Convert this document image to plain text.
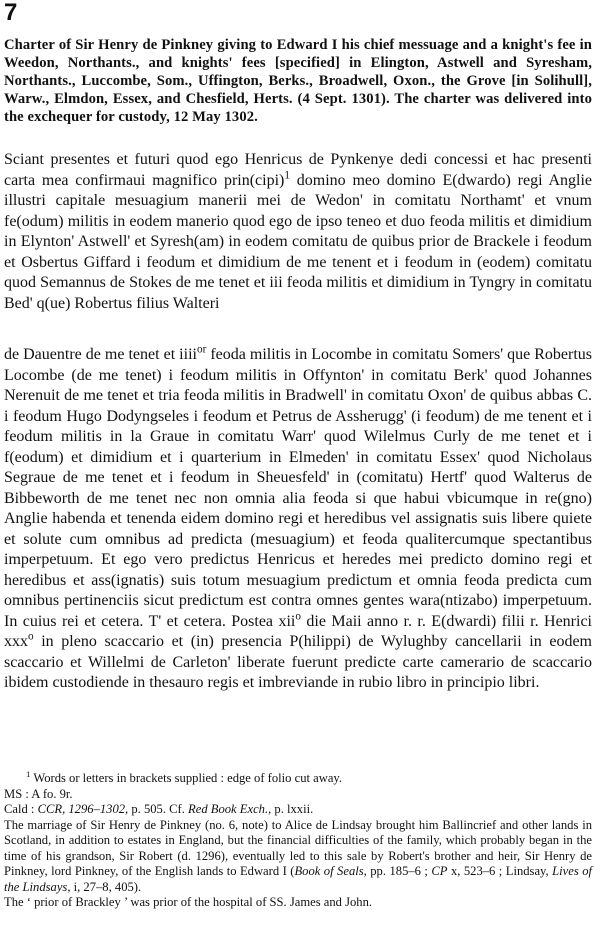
7
Charter of Sir Henry de Pinkney giving to Edward I his chief messuage and a knight's fee in Weedon, Northants., and knights' fees [specified] in Elington, Astwell and Syresham, Northants., Luccombe, Som., Uffington, Berks., Broadwell, Oxon., the Grove [in Solihull], Warw., Elmdon, Essex, and Chesfield, Herts. (4 Sept. 1301). The charter was delivered into the exchequer for custody, 12 May 1302.

Sciant presentes et futuri quod ego Henricus de Pynkenye dedi concessi et hac presenti carta mea confirmaui magnifico prin(cipi)$^1$ domino meo domino E(dwardo) regi Anglie illustri capitale mesuagium manerii mei de Wedon' in comitatu Northamt' et vnum fe(odum) militis in eodem manerio quod ego de ipso teneo et duo feoda militis et dimidium in Elynton' Astwell' et Syresh(am) in eodem comitatu de quibus prior de Brackele i feodum et Osbertus Giffard i feodum et dimidium de me tenent et i feodum in (eodem) comitatu quod Semannus de Stokes de me tenet et iii feoda militis et dimidium in Tyngry in comitatu Bed' q(ue) Robertus filius Walteri

de Dauentre de me tenet et iiii$^{or}$ feoda militis in Locombe in comitatu Somers' que Robertus Locombe (de me tenet) i feodum militis in Offynton' in comitatu Berk' quod Johannes Nerenuit de me tenet et tria feoda militis in Bradwell' in comitatu Oxon' de quibus abbas C. i feodum Hugo Dodyngseles i feodum et Petrus de Assherugg' (i feodum) de me tenent et i feodum militis in la Graue in comitatu Warr' quod Wilelmus Curly de me tenet et i f(eodum) et dimidium et i quarterium in Elmeden' in comitatu Essex' quod Nicholaus Segraue de me tenet et i feodum in Sheuesfeld' in (comitatu) Hertf' quod Walterus de Bibbeworth de me tenet nec non omnia alia feoda si que habui vbicumque in re(gno) Anglie habenda et tenenda eidem domino regi et heredibus vel assignatis suis libere quiete et solute cum omnibus ad predicta (mesuagium) et feoda qualitercumque spectantibus imperpetuum. Et ego vero predictus Henricus et heredes mei predicto domino regi et heredibus et ass(ignatis) suis totum mesuagium predictum et omnia feoda predicta cum omnibus pertinenciis sicut predictum est contra omnes gentes wara(ntizabo) imperpetuum. In cuius rei et cetera. T' et cetera. Postea xii$^o$ die Maii anno r. r. E(dwardi) filii r. Henrici xxx$^o$ in pleno scaccario et (in) presencia P(hilippi) de Wylughby cancellarii in eodem scaccario et Willelmi de Carleton' liberate fuerunt predicte carte camerario de scaccario ibidem custodiende in thesauro regis et imbreviande in rubio libro in principio libri.

$^1$ Words or letters in brackets supplied : edge of folio cut away.

MS : A fo. 9r.

Cald : CCR, 1296–1302, p. 505. Cf. Red Book Exch., p. lxxii.

The marriage of Sir Henry de Pinkney (no. 6, note) to Alice de Lindsay brought him Ballincrief and other lands in Scotland, in addition to estates in England, but the financial difficulties of the family, which probably began in the time of his grandson, Sir Robert (d. 1296), eventually led to this sale by Robert's brother and heir, Sir Henry de Pinkney, lord Pinkney, of the English lands to Edward I (Book of Seals, pp. 185–6 ; CP x, 523–6 ; Lindsay, Lives of the Lindsays, i, 27–8, 405).

The ‘ prior of Brackley ’ was prior of the hospital of SS. James and John.
